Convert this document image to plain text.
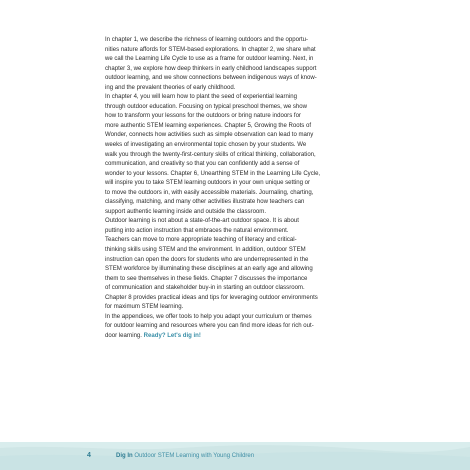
In chapter 1, we describe the richness of learning outdoors and the opportu-
nities nature affords for STEM-based explorations. In chapter 2, we share what
we call the Learning Life Cycle to use as a frame for outdoor learning. Next, in
chapter 3, we explore how deep thinkers in early childhood landscapes support
outdoor learning, and we show connections between indigenous ways of know-
ing and the prevalent theories of early childhood.

In chapter 4, you will learn how to plant the seed of experiential learning
through outdoor education. Focusing on typical preschool themes, we show
how to transform your lessons for the outdoors or bring nature indoors for
more authentic STEM learning experiences. Chapter 5, Growing the Roots of
Wonder, connects how activities such as simple observation can lead to many
weeks of investigating an environmental topic chosen by your students. We
walk you through the twenty-first-century skills of critical thinking, collaboration,
communication, and creativity so that you can confidently add a sense of
wonder to your lessons. Chapter 6, Unearthing STEM in the Learning Life Cycle,
will inspire you to take STEM learning outdoors in your own unique setting or
to move the outdoors in, with easily accessible materials. Journaling, charting,
classifying, matching, and many other activities illustrate how teachers can
support authentic learning inside and outside the classroom.

Outdoor learning is not about a state-of-the-art outdoor space. It is about
putting into action instruction that embraces the natural environment.
Teachers can move to more appropriate teaching of literacy and critical-
thinking skills using STEM and the environment. In addition, outdoor STEM
instruction can open the doors for students who are underrepresented in the
STEM workforce by illuminating these disciplines at an early age and allowing
them to see themselves in these fields. Chapter 7 discusses the importance
of communication and stakeholder buy-in in starting an outdoor classroom.
Chapter 8 provides practical ideas and tips for leveraging outdoor environments
for maximum STEM learning.

In the appendices, we offer tools to help you adapt your curriculum or themes
for outdoor learning and resources where you can find more ideas for rich out-
door learning. Ready? Let's dig in!

4	Dig In Outdoor STEM Learning with Young Children
